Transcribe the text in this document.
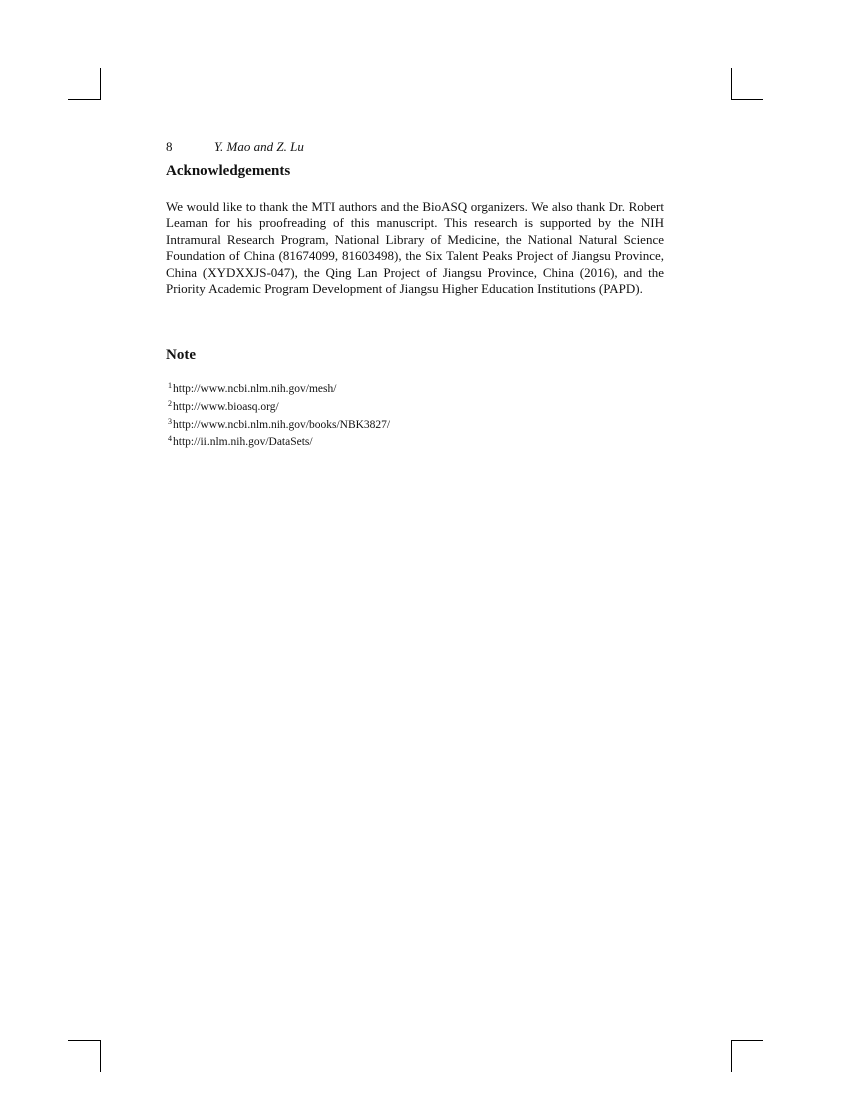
8	Y. Mao and Z. Lu
Acknowledgements

We would like to thank the MTI authors and the BioASQ organizers. We also thank Dr. Robert Leaman for his proofreading of this manuscript. This research is supported by the NIH Intramural Research Program, National Library of Medicine, the National Natural Science Foundation of China (81674099, 81603498), the Six Talent Peaks Project of Jiangsu Province, China (XYDXXJS-047), the Qing Lan Project of Jiangsu Province, China (2016), and the Priority Academic Program Development of Jiangsu Higher Education Institutions (PAPD).

Note
$^1$http://www.ncbi.nlm.nih.gov/mesh/
$^2$http://www.bioasq.org/
$^3$http://www.ncbi.nlm.nih.gov/books/NBK3827/
$^4$http://ii.nlm.nih.gov/DataSets/
